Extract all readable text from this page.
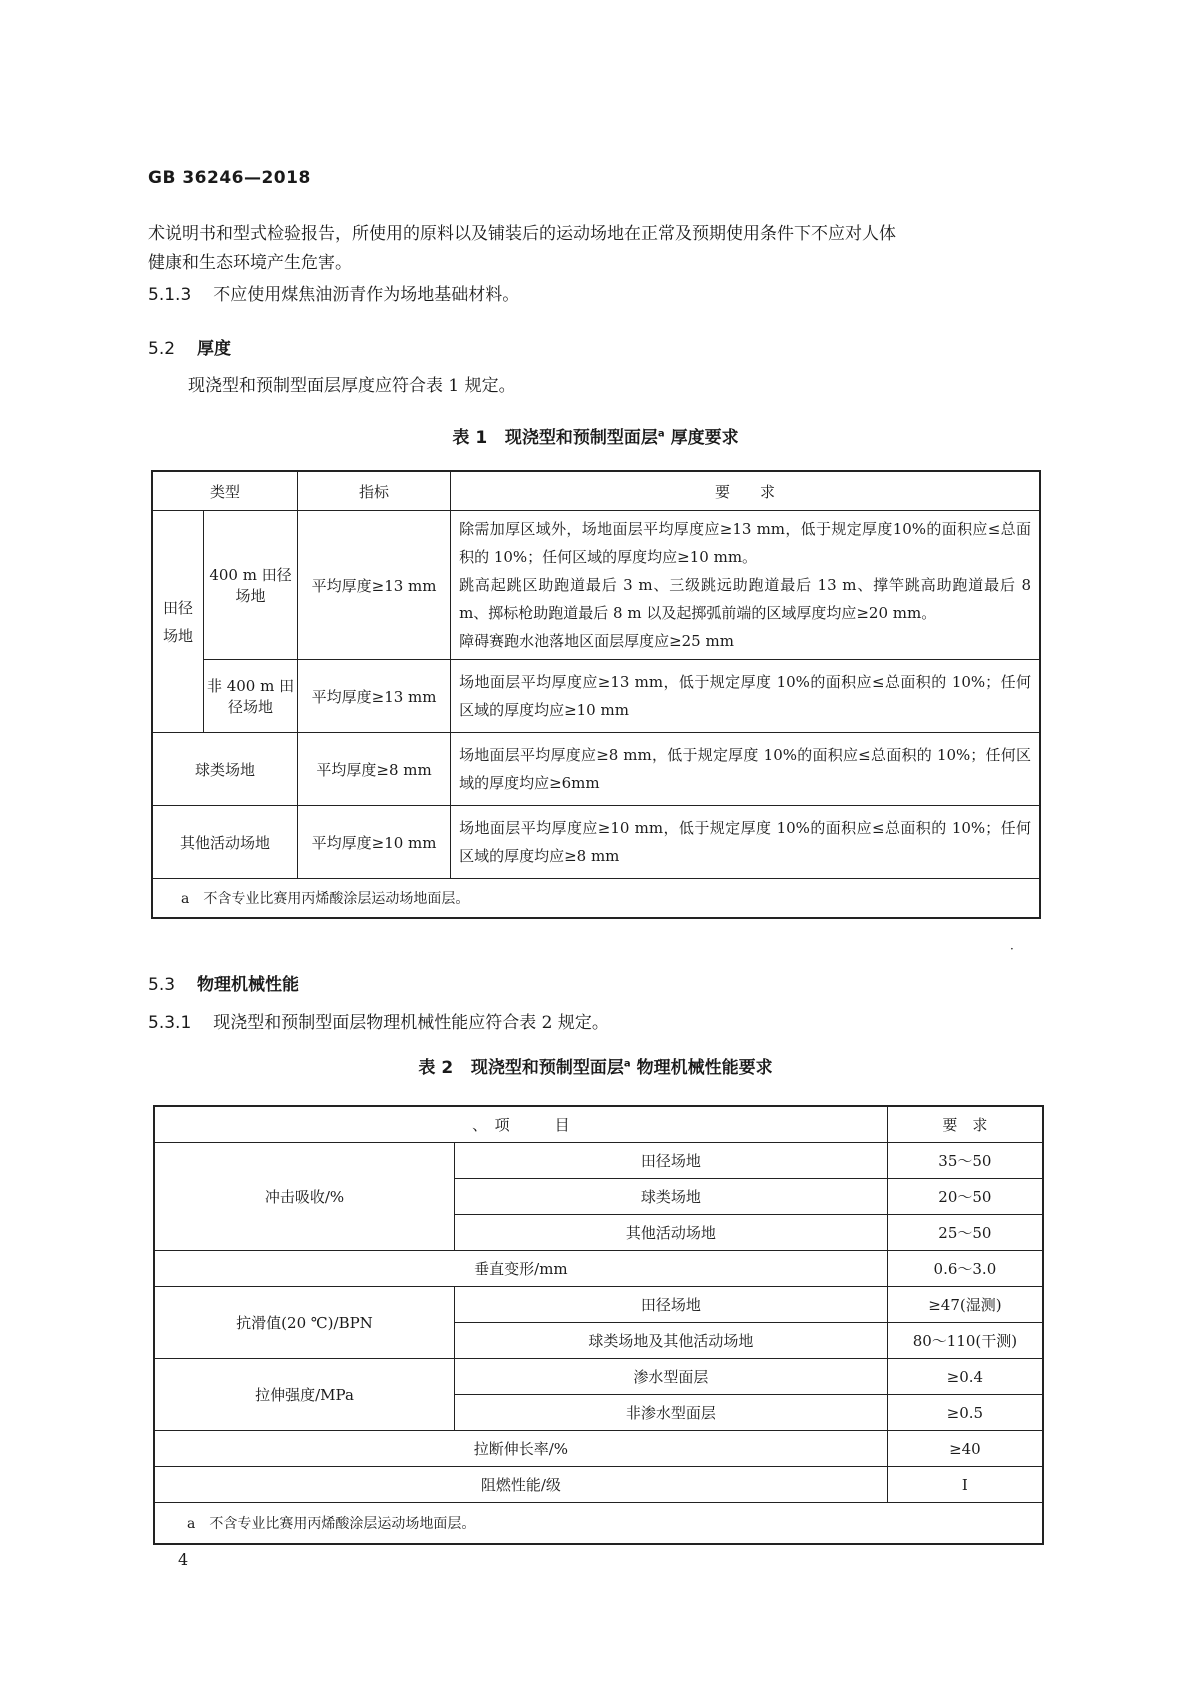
GB 36246—2018
术说明书和型式检验报告，所使用的原料以及铺装后的运动场地在正常及预期使用条件下不应对人体
健康和生态环境产生危害。
5.1.3 不应使用煤焦油沥青作为场地基础材料。
5.2 厚度
现浇型和预制型面层厚度应符合表 1 规定。
表 1 现浇型和预制型面层$^a$ 厚度要求
类型		指标	要　　求
田径场地	400 m 田径场地	平均厚度≥13 mm	除需加厚区域外，场地面层平均厚度应≥13 mm，低于规定厚度10%的面积应≤总面积的 10%；任何区域的厚度均应≥10 mm。
跳高起跳区助跑道最后 3 m、三级跳远助跑道最后 13 m、撑竿跳高助跑道最后 8 m、掷标枪助跑道最后 8 m 以及起掷弧前端的区域厚度均应≥20 mm。
障碍赛跑水池落地区面层厚度应≥25 mm

	非 400 m 田径场地	平均厚度≥13 mm	场地面层平均厚度应≥13 mm，低于规定厚度 10%的面积应≤总面积的 10%；任何区域的厚度均应≥10 mm
球类场地		平均厚度≥8 mm	场地面层平均厚度应≥8 mm，低于规定厚度 10%的面积应≤总面积的 10%；任何区域的厚度均应≥6mm
其他活动场地		平均厚度≥10 mm	场地面层平均厚度应≥10 mm，低于规定厚度 10%的面积应≤总面积的 10%；任何区域的厚度均应≥8 mm
a　不含专业比赛用丙烯酸涂层运动场地面层。			
·
5.3 物理机械性能
5.3.1 现浇型和预制型面层物理机械性能应符合表 2 规定。
表 2 现浇型和预制型面层$^a$ 物理机械性能要求
、　项　　　目		要　求
冲击吸收/%	田径场地	35～50
	球类场地	20～50
	其他活动场地	25～50
垂直变形/mm		0.6～3.0
抗滑值(20 ℃)/BPN	田径场地	≥47(湿测)
	球类场地及其他活动场地	80～110(干测)
拉伸强度/MPa	渗水型面层	≥0.4
	非渗水型面层	≥0.5
拉断伸长率/%		≥40
阻燃性能/级		I
a　不含专业比赛用丙烯酸涂层运动场地面层。		
4
